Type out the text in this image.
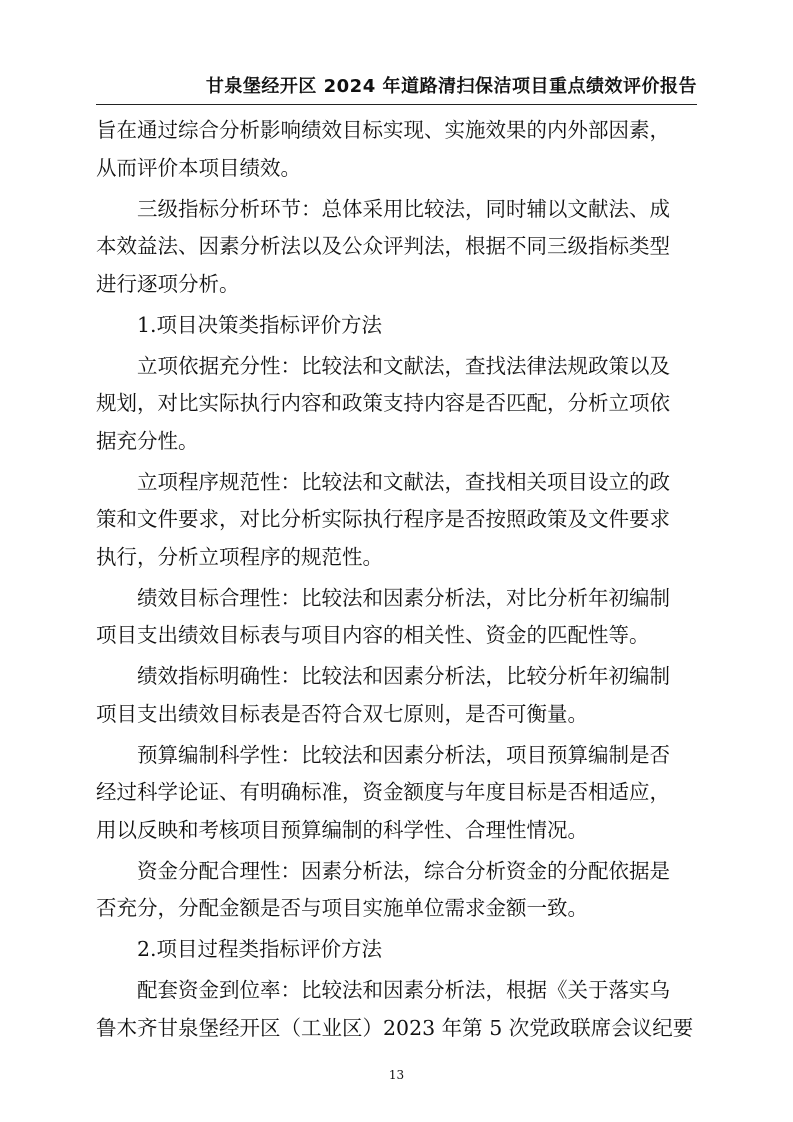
甘泉堡经开区 2024 年道路清扫保洁项目重点绩效评价报告
旨在通过综合分析影响绩效目标实现、实施效果的内外部因素，
从而评价本项目绩效。
三级指标分析环节：总体采用比较法，同时辅以文献法、成
本效益法、因素分析法以及公众评判法，根据不同三级指标类型
进行逐项分析。
1.项目决策类指标评价方法
立项依据充分性：比较法和文献法，查找法律法规政策以及
规划，对比实际执行内容和政策支持内容是否匹配，分析立项依
据充分性。
立项程序规范性：比较法和文献法，查找相关项目设立的政
策和文件要求，对比分析实际执行程序是否按照政策及文件要求
执行，分析立项程序的规范性。
绩效目标合理性：比较法和因素分析法，对比分析年初编制
项目支出绩效目标表与项目内容的相关性、资金的匹配性等。
绩效指标明确性：比较法和因素分析法，比较分析年初编制
项目支出绩效目标表是否符合双七原则，是否可衡量。
预算编制科学性：比较法和因素分析法，项目预算编制是否
经过科学论证、有明确标准，资金额度与年度目标是否相适应，
用以反映和考核项目预算编制的科学性、合理性情况。
资金分配合理性：因素分析法，综合分析资金的分配依据是
否充分，分配金额是否与项目实施单位需求金额一致。
2.项目过程类指标评价方法
配套资金到位率：比较法和因素分析法，根据《关于落实乌
鲁木齐甘泉堡经开区（工业区）2023 年第 5 次党政联席会议纪要
13
